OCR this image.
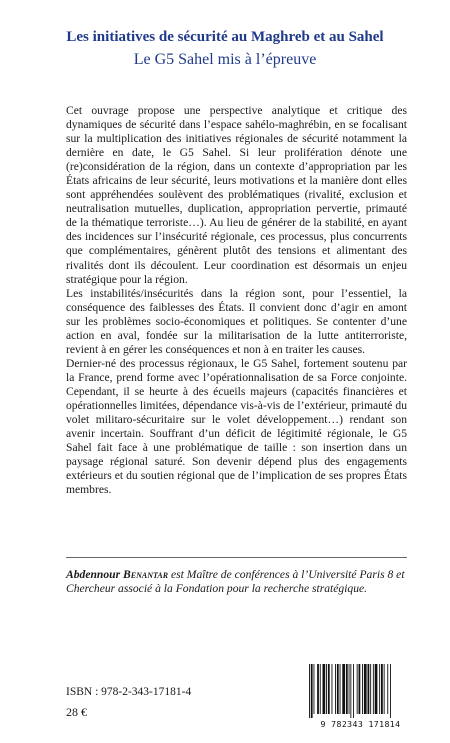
Les initiatives de sécurité au Maghreb et au Sahel
Le G5 Sahel mis à l’épreuve

Cet ouvrage propose une perspective analytique et critique des dynamiques de sécurité dans l’espace sahélo-maghrébin, en se focalisant sur la multiplication des initiatives régionales de sécurité notamment la dernière en date, le G5 Sahel. Si leur prolifération dénote une (re)considération de la région, dans un contexte d’appropriation par les États africains de leur sécurité, leurs motivations et la manière dont elles sont appréhendées soulèvent des problématiques (rivalité, exclusion et neutralisation mutuelles, duplication, appropriation pervertie, primauté de la thématique terroriste…). Au lieu de générer de la stabilité, en ayant des incidences sur l’insécurité régionale, ces processus, plus concurrents que complémentaires, génèrent plutôt des tensions et alimentant des rivalités dont ils découlent. Leur coordination est désormais un enjeu stratégique pour la région.

Les instabilités/insécurités dans la région sont, pour l’essentiel, la conséquence des faiblesses des États. Il convient donc d’agir en amont sur les problèmes socio-économiques et politiques. Se contenter d’une action en aval, fondée sur la militarisation de la lutte antiterroriste, revient à en gérer les conséquences et non à en traiter les causes.

Dernier-né des processus régionaux, le G5 Sahel, fortement soutenu par la France, prend forme avec l’opérationnalisation de sa Force conjointe. Cependant, il se heurte à des écueils majeurs (capacités financières et opérationnelles limitées, dépendance vis-à-vis de l’extérieur, primauté du volet militaro-sécuritaire sur le volet développement…) rendant son avenir incertain. Souffrant d’un déficit de légitimité régionale, le G5 Sahel fait face à une problématique de taille : son insertion dans un paysage régional saturé. Son devenir dépend plus des engagements extérieurs et du soutien régional que de l’implication de ses propres États membres.

Abdennour Benantar est Maître de conférences à l’Université Paris 8 et Chercheur associé à la Fondation pour la recherche stratégique.
ISBN : 978-2-343-17181-4
28 €
9 782343 171814
